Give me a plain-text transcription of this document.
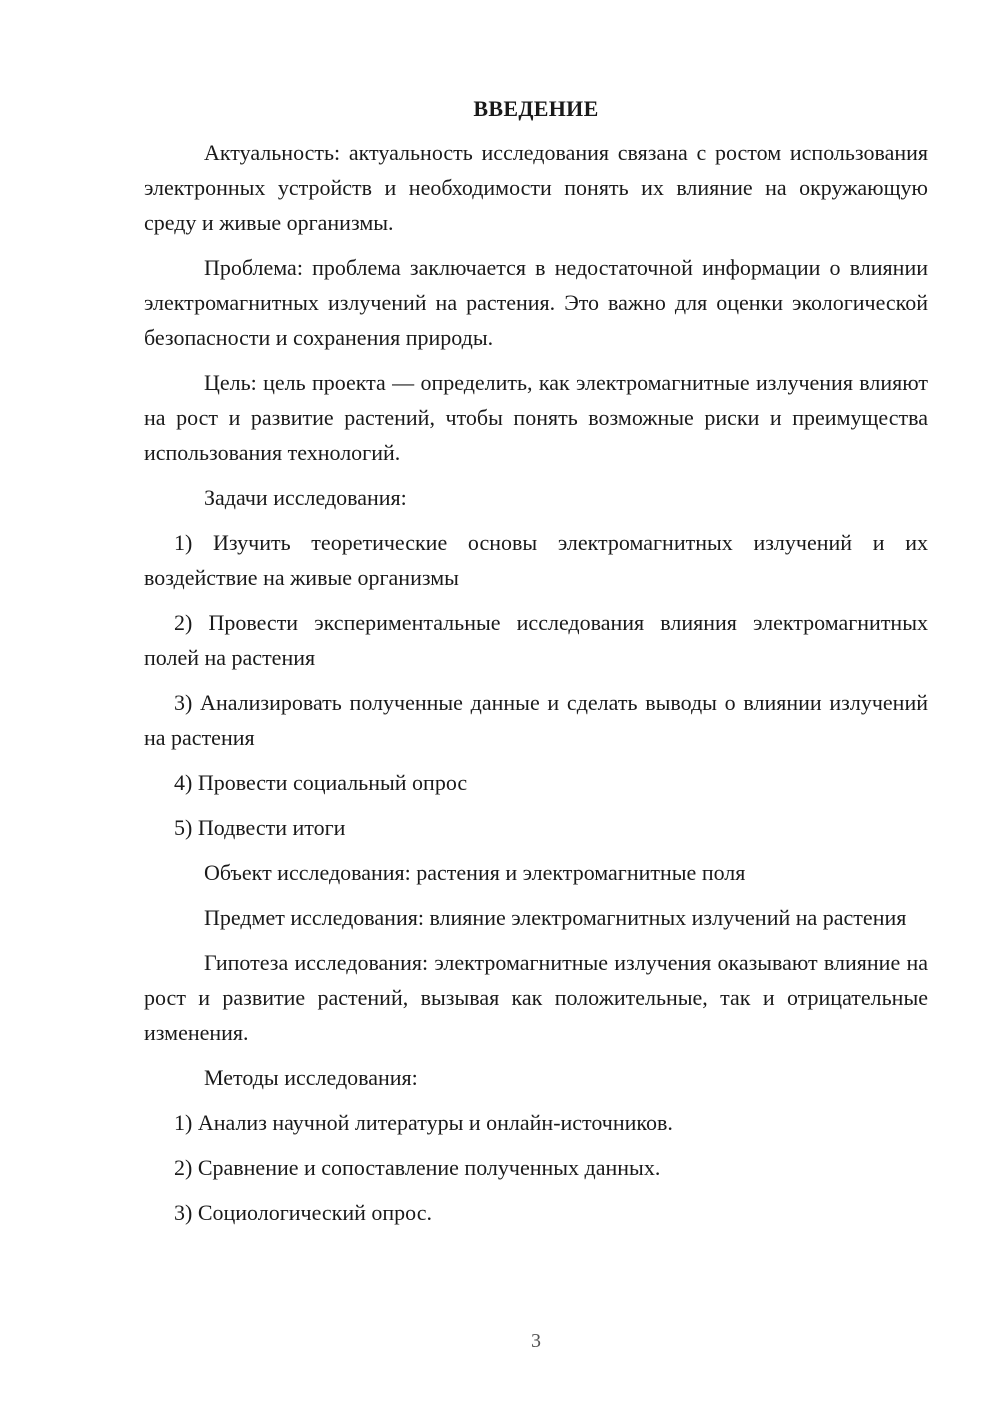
ВВЕДЕНИЕ
Актуальность: актуальность исследования связана с ростом использования электронных устройств и необходимости понять их влияние на окружающую среду и живые организмы.
Проблема: проблема заключается в недостаточной информации о влиянии электромагнитных излучений на растения. Это важно для оценки экологической безопасности и сохранения природы.
Цель: цель проекта — определить, как электромагнитные излучения влияют на рост и развитие растений, чтобы понять возможные риски и преимущества использования технологий.
Задачи исследования:
1) Изучить теоретические основы электромагнитных излучений и их воздействие на живые организмы
2) Провести экспериментальные исследования влияния электромагнитных полей на растения
3) Анализировать полученные данные и сделать выводы о влиянии излучений на растения
4) Провести социальный опрос
5) Подвести итоги
Объект исследования: растения и электромагнитные поля
Предмет исследования: влияние электромагнитных излучений на растения
Гипотеза исследования: электромагнитные излучения оказывают влияние на рост и развитие растений, вызывая как положительные, так и отрицательные изменения.
Методы исследования:
1) Анализ научной литературы и онлайн-источников.
2) Сравнение и сопоставление полученных данных.
3) Социологический опрос.
3
